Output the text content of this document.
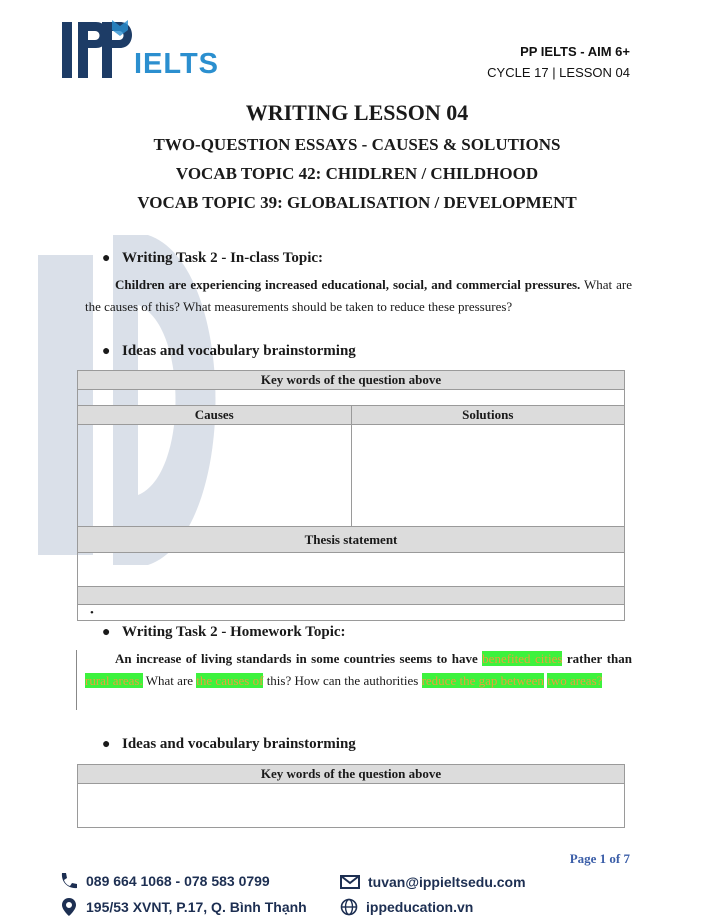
IELTS	PP IELTS - AIM 6+
CYCLE 17 | LESSON 04
WRITING LESSON 04
TWO-QUESTION ESSAYS - CAUSES & SOLUTIONS
VOCAB TOPIC 42: CHIDLREN / CHILDHOOD
VOCAB TOPIC 39: GLOBALISATION / DEVELOPMENT
● Writing Task 2 - In-class Topic:
Children are experiencing increased educational, social, and commercial pressures. What are the causes of this? What measurements should be taken to reduce these pressures?
● Ideas and vocabulary brainstorming
Key words of the question above	

Causes	Solutions

Thesis statement	

•	
● Writing Task 2 - Homework Topic:
An increase of living standards in some countries seems to have benefited cities rather than rural areas. What are the causes of this? How can the authorities reduce the gap between two areas?
● Ideas and vocabulary brainstorming
Key words of the question above

Page 1 of 7
089 664 1068 - 078 583 0799
195/53 XVNT, P.17, Q. Bình Thạnh
tuvan@ippieltsedu.com
ippeducation.vn
